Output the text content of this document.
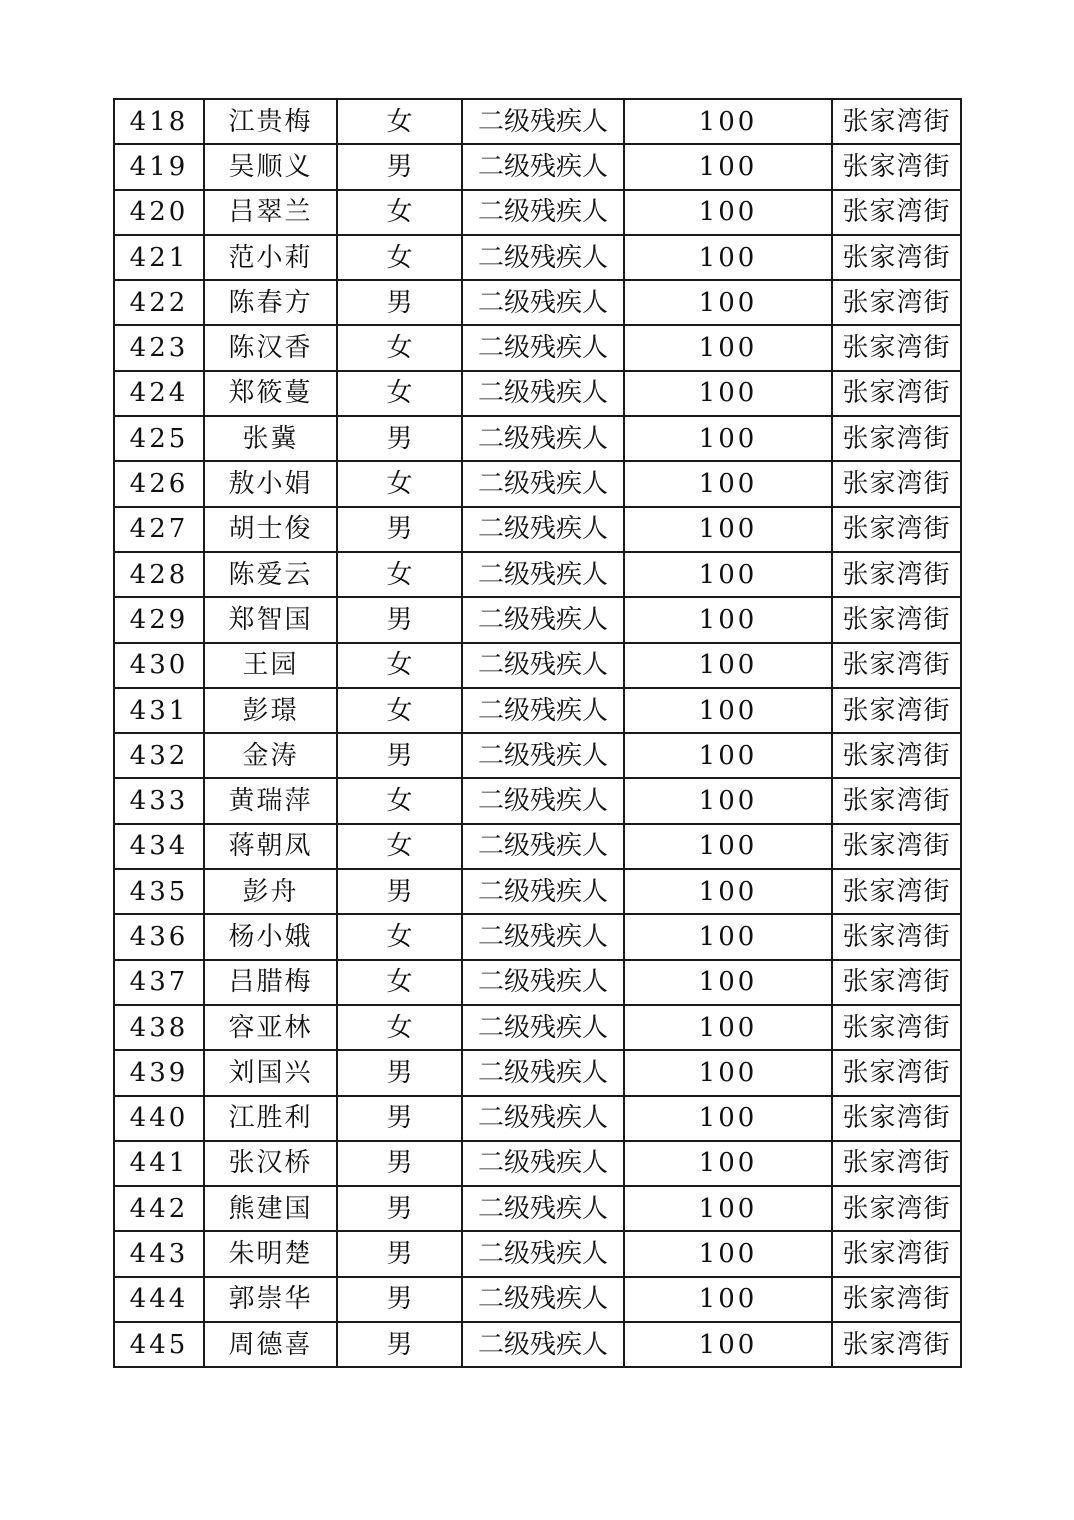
418	江贵梅	女	二级残疾人	100	张家湾街
419	吴顺义	男	二级残疾人	100	张家湾街
420	吕翠兰	女	二级残疾人	100	张家湾街
421	范小莉	女	二级残疾人	100	张家湾街
422	陈春方	男	二级残疾人	100	张家湾街
423	陈汉香	女	二级残疾人	100	张家湾街
424	郑筱蔓	女	二级残疾人	100	张家湾街
425	张冀	男	二级残疾人	100	张家湾街
426	敖小娟	女	二级残疾人	100	张家湾街
427	胡士俊	男	二级残疾人	100	张家湾街
428	陈爱云	女	二级残疾人	100	张家湾街
429	郑智国	男	二级残疾人	100	张家湾街
430	王园	女	二级残疾人	100	张家湾街
431	彭璟	女	二级残疾人	100	张家湾街
432	金涛	男	二级残疾人	100	张家湾街
433	黄瑞萍	女	二级残疾人	100	张家湾街
434	蒋朝凤	女	二级残疾人	100	张家湾街
435	彭舟	男	二级残疾人	100	张家湾街
436	杨小娥	女	二级残疾人	100	张家湾街
437	吕腊梅	女	二级残疾人	100	张家湾街
438	容亚林	女	二级残疾人	100	张家湾街
439	刘国兴	男	二级残疾人	100	张家湾街
440	江胜利	男	二级残疾人	100	张家湾街
441	张汉桥	男	二级残疾人	100	张家湾街
442	熊建国	男	二级残疾人	100	张家湾街
443	朱明楚	男	二级残疾人	100	张家湾街
444	郭崇华	男	二级残疾人	100	张家湾街
445	周德喜	男	二级残疾人	100	张家湾街
